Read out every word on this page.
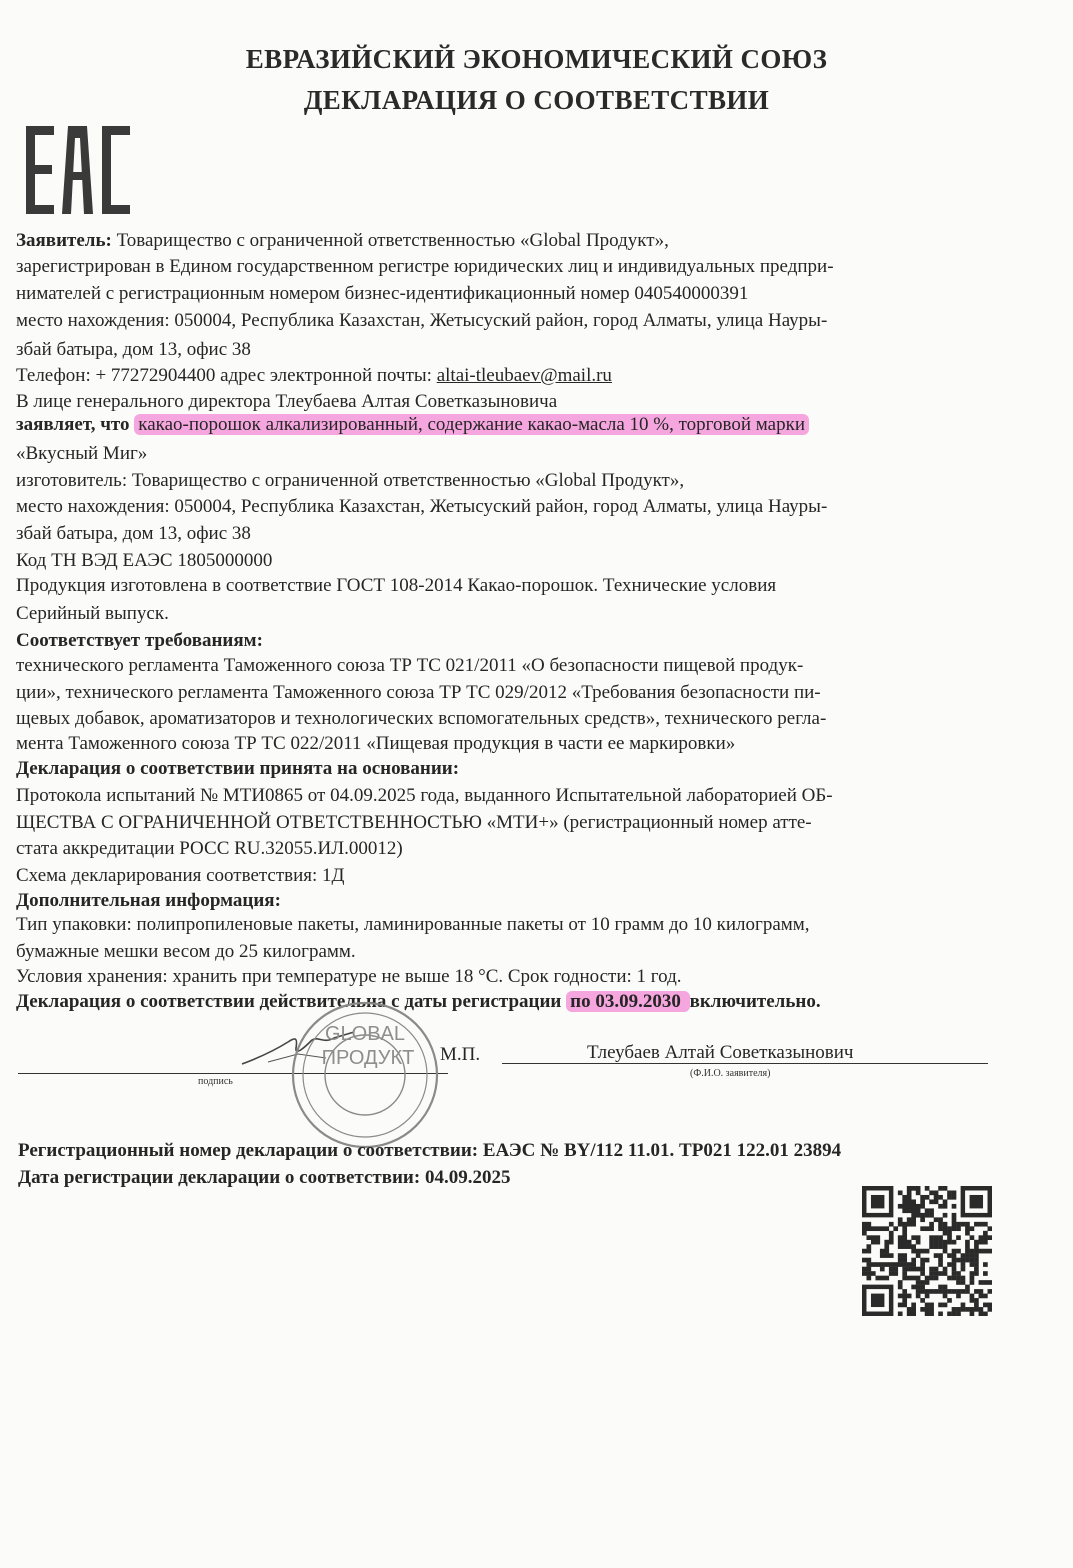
ЕВРАЗИЙСКИЙ ЭКОНОМИЧЕСКИЙ СОЮЗ
ДЕКЛАРАЦИЯ О СООТВЕТСТВИИ
Заявитель: Товарищество с ограниченной ответственностью «Global Продукт»,
зарегистрирован в Едином государственном регистре юридических лиц и индивидуальных предпри-
нимателей с регистрационным номером бизнес-идентификационный номер 040540000391
место нахождения: 050004, Республика Казахстан, Жетысуский район, город Алматы, улица Науры-
збай батыра, дом 13, офис 38
Телефон: + 77272904400 адрес электронной почты: altai-tleubaev@mail.ru
В лице генерального директора Тлеубаева Алтая Советказыновича
заявляет, что какао-порошок алкализированный, содержание какао-масла 10 %, торговой марки
«Вкусный Миг»
изготовитель: Товарищество с ограниченной ответственностью «Global Продукт»,
место нахождения: 050004, Республика Казахстан, Жетысуский район, город Алматы, улица Науры-
збай батыра, дом 13, офис 38
Код ТН ВЭД ЕАЭС 1805000000
Продукция изготовлена в соответствие ГОСТ 108-2014 Какао-порошок. Технические условия
Серийный выпуск.
Соответствует требованиям:
технического регламента Таможенного союза ТР ТС 021/2011 «О безопасности пищевой продук-
ции», технического регламента Таможенного союза ТР ТС 029/2012 «Требования безопасности пи-
щевых добавок, ароматизаторов и технологических вспомогательных средств», технического регла-
мента Таможенного союза ТР ТС 022/2011 «Пищевая продукция в части ее маркировки»
Декларация о соответствии принята на основании:
Протокола испытаний № МТИ0865 от 04.09.2025 года, выданного Испытательной лабораторией ОБ-
ЩЕСТВА С ОГРАНИЧЕННОЙ ОТВЕТСТВЕННОСТЬЮ «МТИ+» (регистрационный номер атте-
стата аккредитации РОСС RU.32055.ИЛ.00012)
Схема декларирования соответствия: 1Д
Дополнительная информация:
Тип упаковки: полипропиленовые пакеты, ламинированные пакеты от 10 грамм до 10 килограмм,
бумажные мешки весом до 25 килограмм.
Условия хранения: хранить при температуре не выше 18 °С. Срок годности: 1 год.
Декларация о соответствии действительна с даты регистрации по 03.09.2030 включительно.
М.П.	Тлеубаев Алтай Советказынович
подпись
(Ф.И.О. заявителя)
GLOBAL
ПРОДУКТ
Регистрационный номер декларации о соответствии: ЕАЭС № BY/112 11.01. ТР021 122.01 23894
Дата регистрации декларации о соответствии: 04.09.2025
